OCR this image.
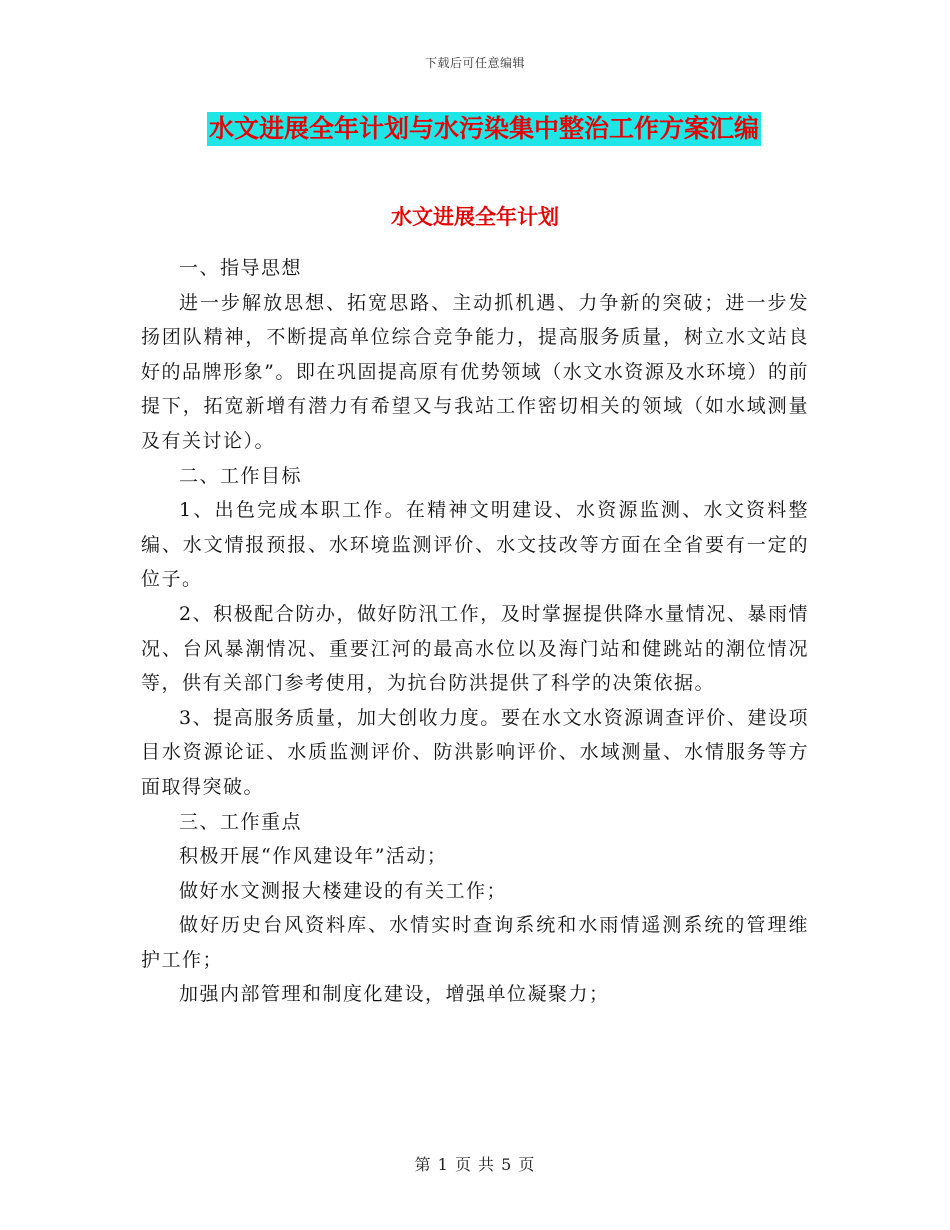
下载后可任意编辑
水文进展全年计划与水污染集中整治工作方案汇编
水文进展全年计划

一、指导思想

进一步解放思想、拓宽思路、主动抓机遇、力争新的突破；进一步发扬团队精神，不断提高单位综合竞争能力，提高服务质量，树立水文站良好的品牌形象”。即在巩固提高原有优势领域（水文水资源及水环境）的前提下，拓宽新增有潜力有希望又与我站工作密切相关的领域（如水域测量及有关讨论）。

二、工作目标

1、出色完成本职工作。在精神文明建设、水资源监测、水文资料整编、水文情报预报、水环境监测评价、水文技改等方面在全省要有一定的位子。

2、积极配合防办，做好防汛工作，及时掌握提供降水量情况、暴雨情况、台风暴潮情况、重要江河的最高水位以及海门站和健跳站的潮位情况等，供有关部门参考使用，为抗台防洪提供了科学的决策依据。

3、提高服务质量，加大创收力度。要在水文水资源调查评价、建设项目水资源论证、水质监测评价、防洪影响评价、水域测量、水情服务等方面取得突破。

三、工作重点

积极开展“作风建设年”活动；

做好水文测报大楼建设的有关工作；

做好历史台风资料库、水情实时查询系统和水雨情遥测系统的管理维护工作；

加强内部管理和制度化建设，增强单位凝聚力；

第 1 页 共 5 页
